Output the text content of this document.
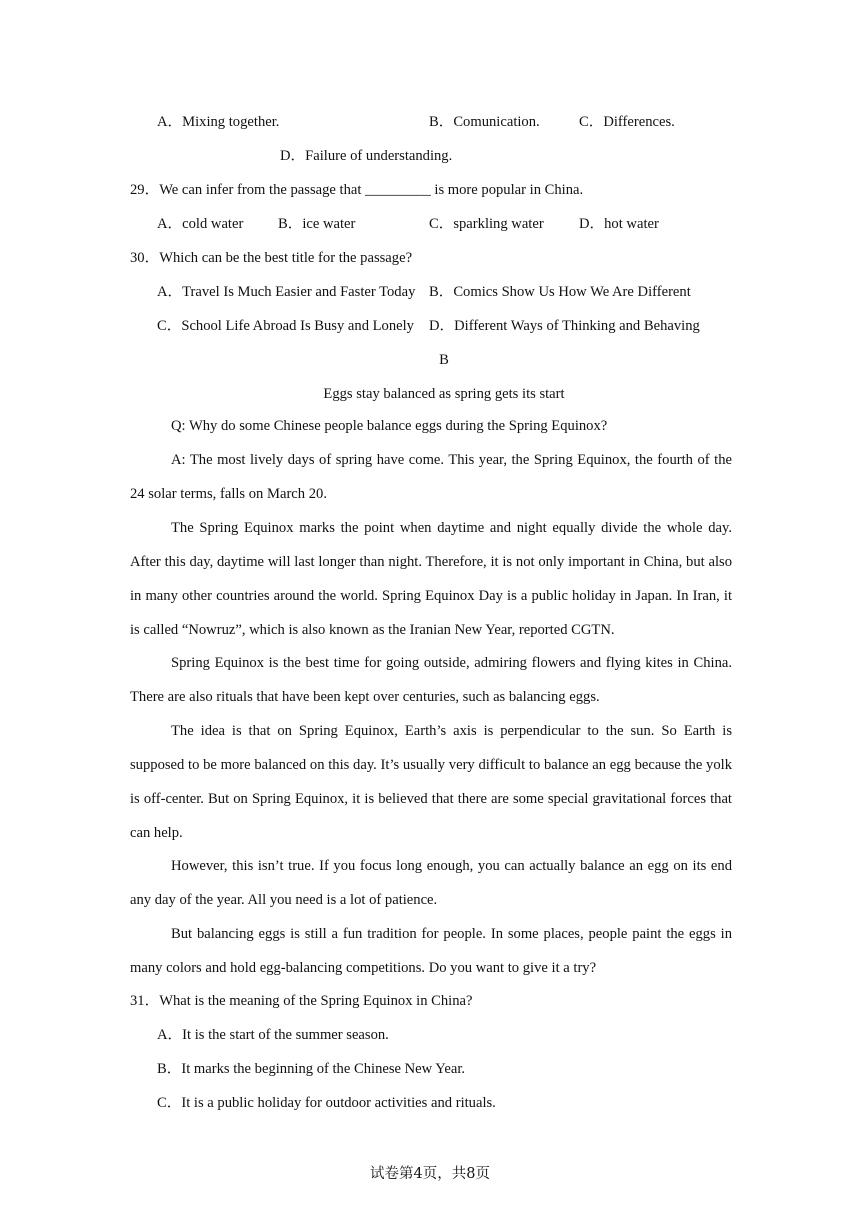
A．Mixing together.	B．Comunication.	C．Differences.
D．Failure of understanding.
29．We can infer from the passage that _________ is more popular in China.
A．cold water B．ice water	C．sparkling water D．hot water
30．Which can be the best title for the passage?
A．Travel Is Much Easier and Faster Today B．Comics Show Us How We Are Different
C．School Life Abroad Is Busy and Lonely D．Different Ways of Thinking and Behaving
B
Eggs stay balanced as spring gets its start
Q: Why do some Chinese people balance eggs during the Spring Equinox?
A: The most lively days of spring have come. This year, the Spring Equinox, the fourth of the 24 solar terms, falls on March 20.
The Spring Equinox marks the point when daytime and night equally divide the whole day. After this day, daytime will last longer than night. Therefore, it is not only important in China, but also in many other countries around the world. Spring Equinox Day is a public holiday in Japan. In Iran, it is called “Nowruz”, which is also known as the Iranian New Year, reported CGTN.
Spring Equinox is the best time for going outside, admiring flowers and flying kites in China. There are also rituals that have been kept over centuries, such as balancing eggs.
The idea is that on Spring Equinox, Earth’s axis is perpendicular to the sun. So Earth is supposed to be more balanced on this day. It’s usually very difficult to balance an egg because the yolk is off-center. But on Spring Equinox, it is believed that there are some special gravitational forces that can help.
However, this isn’t true. If you focus long enough, you can actually balance an egg on its end any day of the year. All you need is a lot of patience.
But balancing eggs is still a fun tradition for people. In some places, people paint the eggs in many colors and hold egg-balancing competitions. Do you want to give it a try?
31．What is the meaning of the Spring Equinox in China?
A．It is the start of the summer season.
B．It marks the beginning of the Chinese New Year.
C．It is a public holiday for outdoor activities and rituals.
试卷第4页，共8页
